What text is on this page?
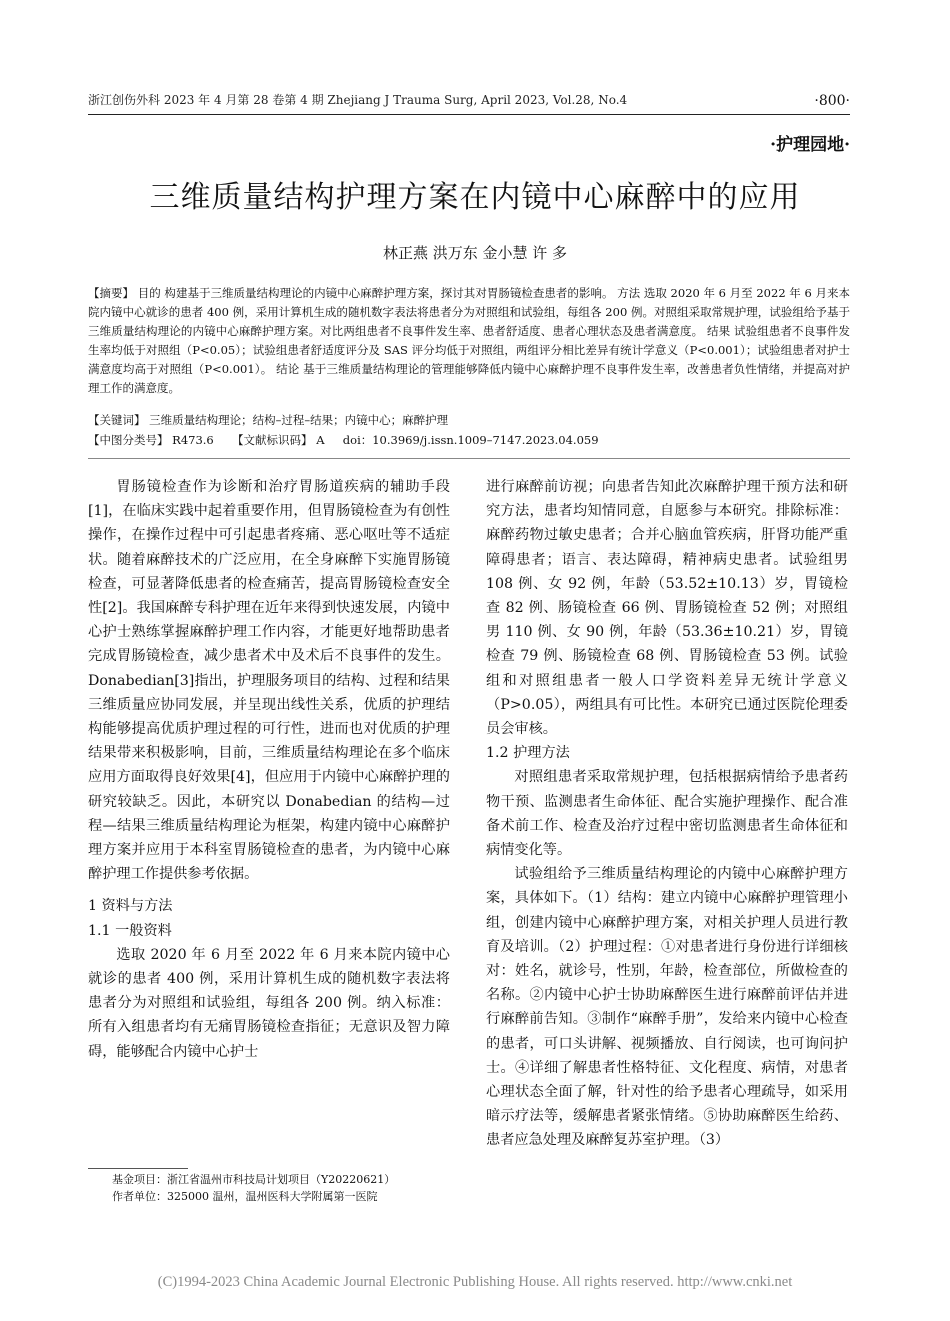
浙江创伤外科 2023 年 4 月第 28 卷第 4 期 Zhejiang J Trauma Surg, April 2023, Vol.28, No.4	·800·
·护理园地·
三维质量结构护理方案在内镜中心麻醉中的应用
林正燕 洪万东 金小慧 许 多
【摘要】 目的 构建基于三维质量结构理论的内镜中心麻醉护理方案，探讨其对胃肠镜检查患者的影响。 方法 选取 2020 年 6 月至 2022 年 6 月来本院内镜中心就诊的患者 400 例，采用计算机生成的随机数字表法将患者分为对照组和试验组，每组各 200 例。对照组采取常规护理，试验组给予基于三维质量结构理论的内镜中心麻醉护理方案。对比两组患者不良事件发生率、患者舒适度、患者心理状态及患者满意度。 结果 试验组患者不良事件发生率均低于对照组（P<0.05）；试验组患者舒适度评分及 SAS 评分均低于对照组，两组评分相比差异有统计学意义（P<0.001）；试验组患者对护士满意度均高于对照组（P<0.001）。 结论 基于三维质量结构理论的管理能够降低内镜中心麻醉护理不良事件发生率，改善患者负性情绪，并提高对护理工作的满意度。
【关键词】 三维质量结构理论；结构–过程–结果；内镜中心；麻醉护理
【中图分类号】 R473.6 【文献标识码】 A doi：10.3969/j.issn.1009–7147.2023.04.059

胃肠镜检查作为诊断和治疗胃肠道疾病的辅助手段[1]，在临床实践中起着重要作用，但胃肠镜检查为有创性操作，在操作过程中可引起患者疼痛、恶心呕吐等不适症状。随着麻醉技术的广泛应用，在全身麻醉下实施胃肠镜检查，可显著降低患者的检查痛苦，提高胃肠镜检查安全性[2]。我国麻醉专科护理在近年来得到快速发展，内镜中心护士熟练掌握麻醉护理工作内容，才能更好地帮助患者完成胃肠镜检查，减少患者术中及术后不良事件的发生。Donabedian[3]指出，护理服务项目的结构、过程和结果三维质量应协同发展，并呈现出线性关系，优质的护理结构能够提高优质护理过程的可行性，进而也对优质的护理结果带来积极影响，目前，三维质量结构理论在多个临床应用方面取得良好效果[4]，但应用于内镜中心麻醉护理的研究较缺乏。因此，本研究以 Donabedian 的结构—过程—结果三维质量结构理论为框架，构建内镜中心麻醉护理方案并应用于本科室胃肠镜检查的患者，为内镜中心麻醉护理工作提供参考依据。

1 资料与方法

1.1 一般资料

选取 2020 年 6 月至 2022 年 6 月来本院内镜中心就诊的患者 400 例，采用计算机生成的随机数字表法将患者分为对照组和试验组，每组各 200 例。纳入标准：所有入组患者均有无痛胃肠镜检查指征；无意识及智力障碍，能够配合内镜中心护士

进行麻醉前访视；向患者告知此次麻醉护理干预方法和研究方法，患者均知情同意，自愿参与本研究。排除标准：麻醉药物过敏史患者；合并心脑血管疾病，肝肾功能严重障碍患者；语言、表达障碍，精神病史患者。试验组男 108 例、女 92 例，年龄（53.52±10.13）岁，胃镜检查 82 例、肠镜检查 66 例、胃肠镜检查 52 例；对照组男 110 例、女 90 例，年龄（53.36±10.21）岁，胃镜检查 79 例、肠镜检查 68 例、胃肠镜检查 53 例。试验组和对照组患者一般人口学资料差异无统计学意义（P>0.05），两组具有可比性。本研究已通过医院伦理委员会审核。

1.2 护理方法

对照组患者采取常规护理，包括根据病情给予患者药物干预、监测患者生命体征、配合实施护理操作、配合准备术前工作、检查及治疗过程中密切监测患者生命体征和病情变化等。

试验组给予三维质量结构理论的内镜中心麻醉护理方案，具体如下。（1）结构：建立内镜中心麻醉护理管理小组，创建内镜中心麻醉护理方案，对相关护理人员进行教育及培训。（2）护理过程：①对患者进行身份进行详细核对：姓名，就诊号，性别，年龄，检查部位，所做检查的名称。②内镜中心护士协助麻醉医生进行麻醉前评估并进行麻醉前告知。③制作“麻醉手册”，发给来内镜中心检查的患者，可口头讲解、视频播放、自行阅读，也可询问护士。④详细了解患者性格特征、文化程度、病情，对患者心理状态全面了解，针对性的给予患者心理疏导，如采用暗示疗法等，缓解患者紧张情绪。⑤协助麻醉医生给药、患者应急处理及麻醉复苏室护理。（3）

基金项目：浙江省温州市科技局计划项目（Y20220621）
作者单位：325000 温州，温州医科大学附属第一医院
(C)1994-2023 China Academic Journal Electronic Publishing House. All rights reserved. http://www.cnki.net
